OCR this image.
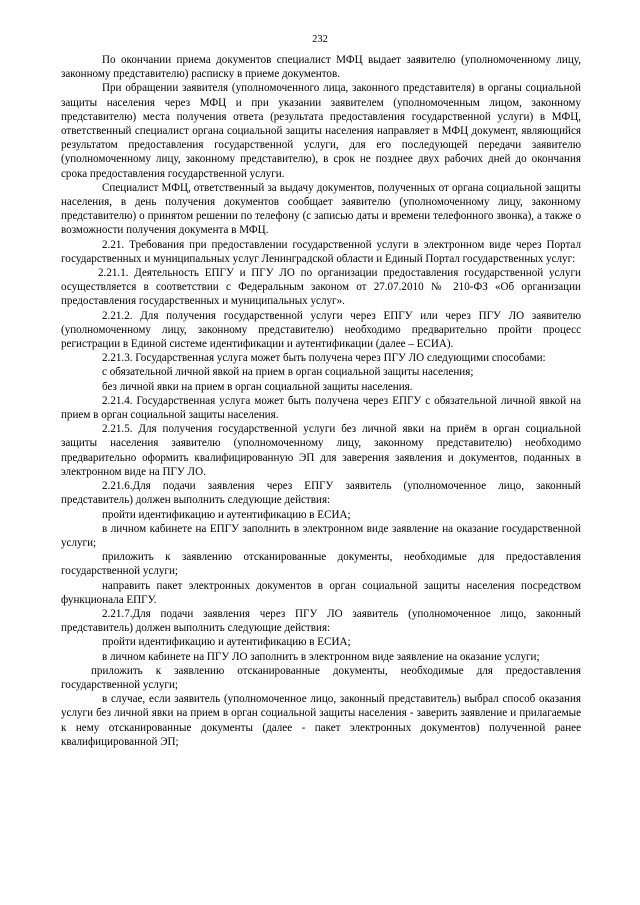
232

По окончании приема документов специалист МФЦ выдает заявителю (уполномоченному лицу, законному представителю) расписку в приеме документов.

При обращении заявителя (уполномоченного лица, законного представителя) в органы социальной защиты населения через МФЦ и при указании заявителем (уполномоченным лицом, законному представителю) места получения ответа (результата предоставления государственной услуги) в МФЦ, ответственный специалист органа социальной защиты населения направляет в МФЦ документ, являющийся результатом предоставления государственной услуги, для его последующей передачи заявителю (уполномоченному лицу, законному представителю), в срок не позднее двух рабочих дней до окончания срока предоставления государственной услуги.

Специалист МФЦ, ответственный за выдачу документов, полученных от органа социальной защиты населения, в день получения документов сообщает заявителю (уполномоченному лицу, законному представителю) о принятом решении по телефону (с записью даты и времени телефонного звонка), а также о возможности получения документа в МФЦ.

2.21. Требования при предоставлении государственной услуги в электронном виде через Портал государственных и муниципальных услуг Ленинградской области и Единый Портал государственных услуг:

2.21.1. Деятельность ЕПГУ и ПГУ ЛО по организации предоставления государственной услуги осуществляется в соответствии с Федеральным законом от 27.07.2010 № 210-ФЗ «Об организации предоставления государственных и муниципальных услуг».

2.21.2. Для получения государственной услуги через ЕПГУ или через ПГУ ЛО заявителю (уполномоченному лицу, законному представителю) необходимо предварительно пройти процесс регистрации в Единой системе идентификации и аутентификации (далее – ЕСИА).

2.21.3. Государственная услуга может быть получена через ПГУ ЛО следующими способами:

с обязательной личной явкой на прием в орган социальной защиты населения;

без личной явки на прием в орган социальной защиты населения.

2.21.4. Государственная услуга может быть получена через ЕПГУ с обязательной личной явкой на прием в орган социальной защиты населения.

2.21.5. Для получения государственной услуги без личной явки на приём в орган социальной защиты населения заявителю (уполномоченному лицу, законному представителю) необходимо предварительно оформить квалифицированную ЭП для заверения заявления и документов, поданных в электронном виде на ПГУ ЛО.

2.21.6.Для подачи заявления через ЕПГУ заявитель (уполномоченное лицо, законный представитель) должен выполнить следующие действия:

пройти идентификацию и аутентификацию в ЕСИА;

в личном кабинете на ЕПГУ заполнить в электронном виде заявление на оказание государственной услуги;

приложить к заявлению отсканированные документы, необходимые для предоставления государственной услуги;

направить пакет электронных документов в орган социальной защиты населения посредством функционала ЕПГУ.

2.21.7.Для подачи заявления через ПГУ ЛО заявитель (уполномоченное лицо, законный представитель) должен выполнить следующие действия:

пройти идентификацию и аутентификацию в ЕСИА;

в личном кабинете на ПГУ ЛО заполнить в электронном виде заявление на оказание услуги;

приложить к заявлению отсканированные документы, необходимые для предоставления государственной услуги;

в случае, если заявитель (уполномоченное лицо, законный представитель) выбрал способ оказания услуги без личной явки на прием в орган социальной защиты населения - заверить заявление и прилагаемые к нему отсканированные документы (далее - пакет электронных документов) полученной ранее квалифицированной ЭП;
